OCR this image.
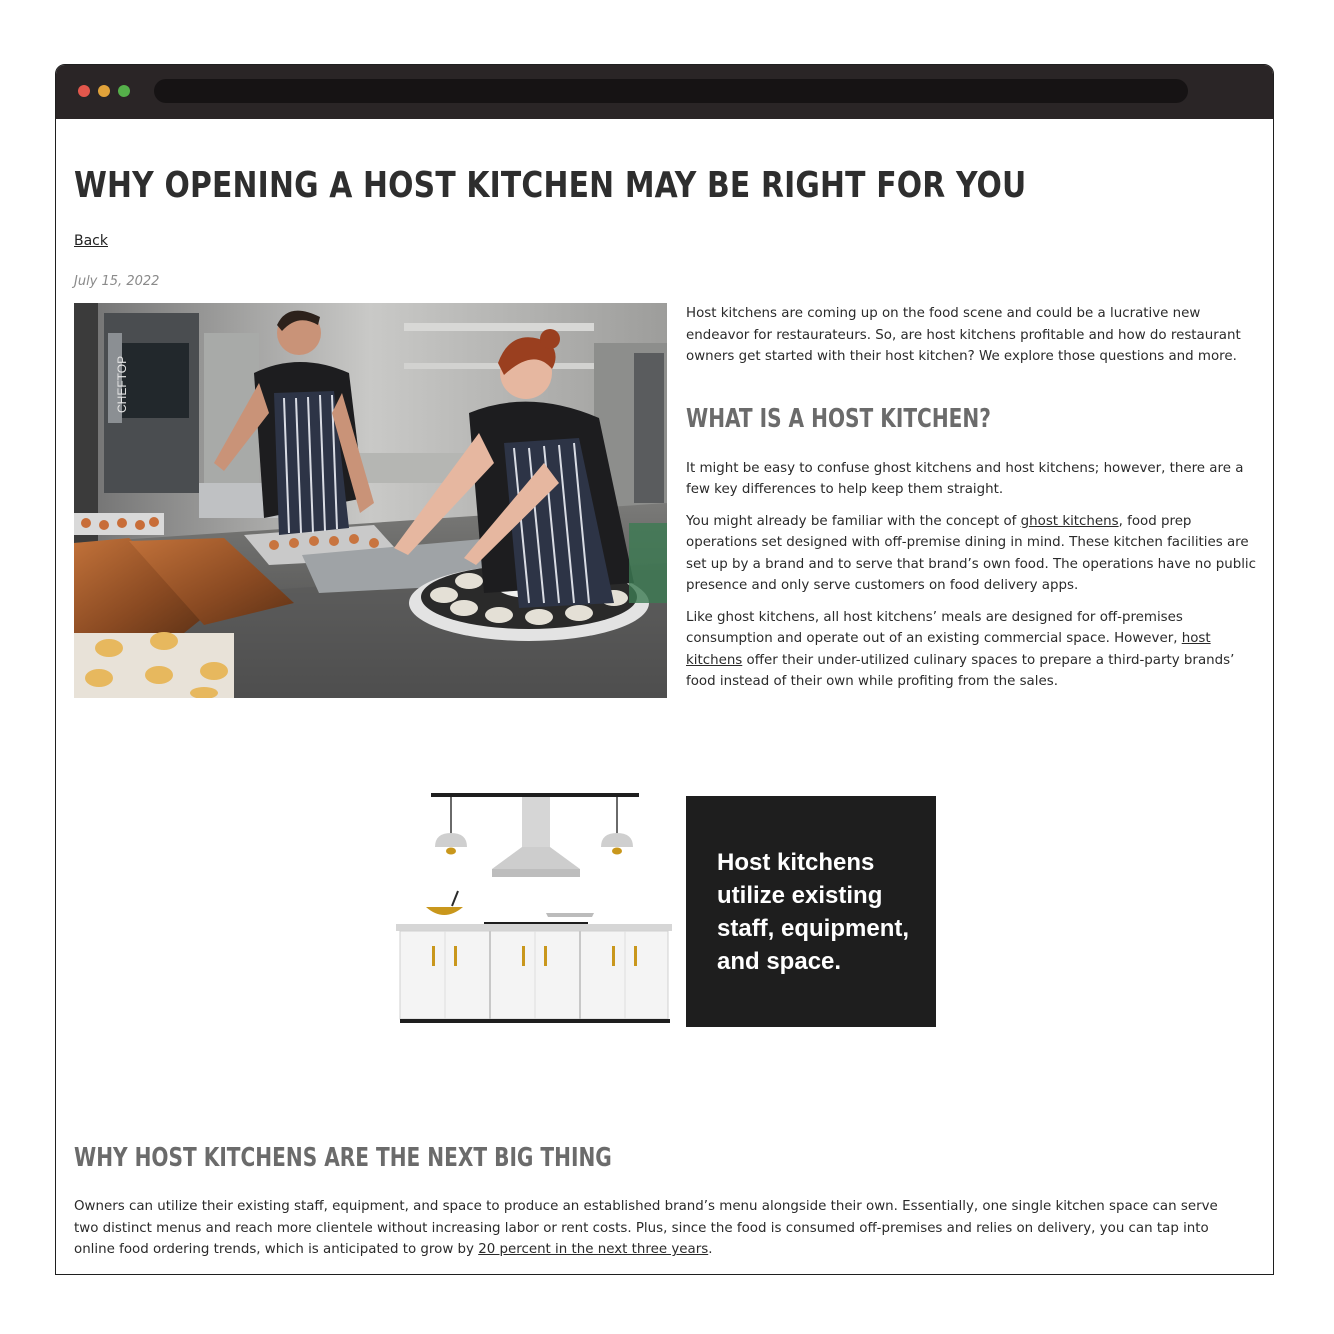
WHY OPENING A HOST KITCHEN MAY BE RIGHT FOR YOU
Back
July 15, 2022
CHEFTOP

Host kitchens are coming up on the food scene and could be a lucrative new endeavor for restaurateurs. So, are host kitchens profitable and how do restaurant owners get started with their host kitchen? We explore those questions and more.

WHAT IS A HOST KITCHEN?

It might be easy to confuse ghost kitchens and host kitchens; however, there are a few key differences to help keep them straight.

You might already be familiar with the concept of ghost kitchens, food prep operations set designed with off-premise dining in mind. These kitchen facilities are set up by a brand and to serve that brand’s own food. The operations have no public presence and only serve customers on food delivery apps.

Like ghost kitchens, all host kitchens’ meals are designed for off-premises consumption and operate out of an existing commercial space. However, host kitchens offer their under-utilized culinary spaces to prepare a third-party brands’ food instead of their own while profiting from the sales.

Host kitchens utilize existing staff, equipment, and space.
WHY HOST KITCHENS ARE THE NEXT BIG THING

Owners can utilize their existing staff, equipment, and space to produce an established brand’s menu alongside their own. Essentially, one single kitchen space can serve two distinct menus and reach more clientele without increasing labor or rent costs. Plus, since the food is consumed off-premises and relies on delivery, you can tap into online food ordering trends, which is anticipated to grow by 20 percent in the next three years.
